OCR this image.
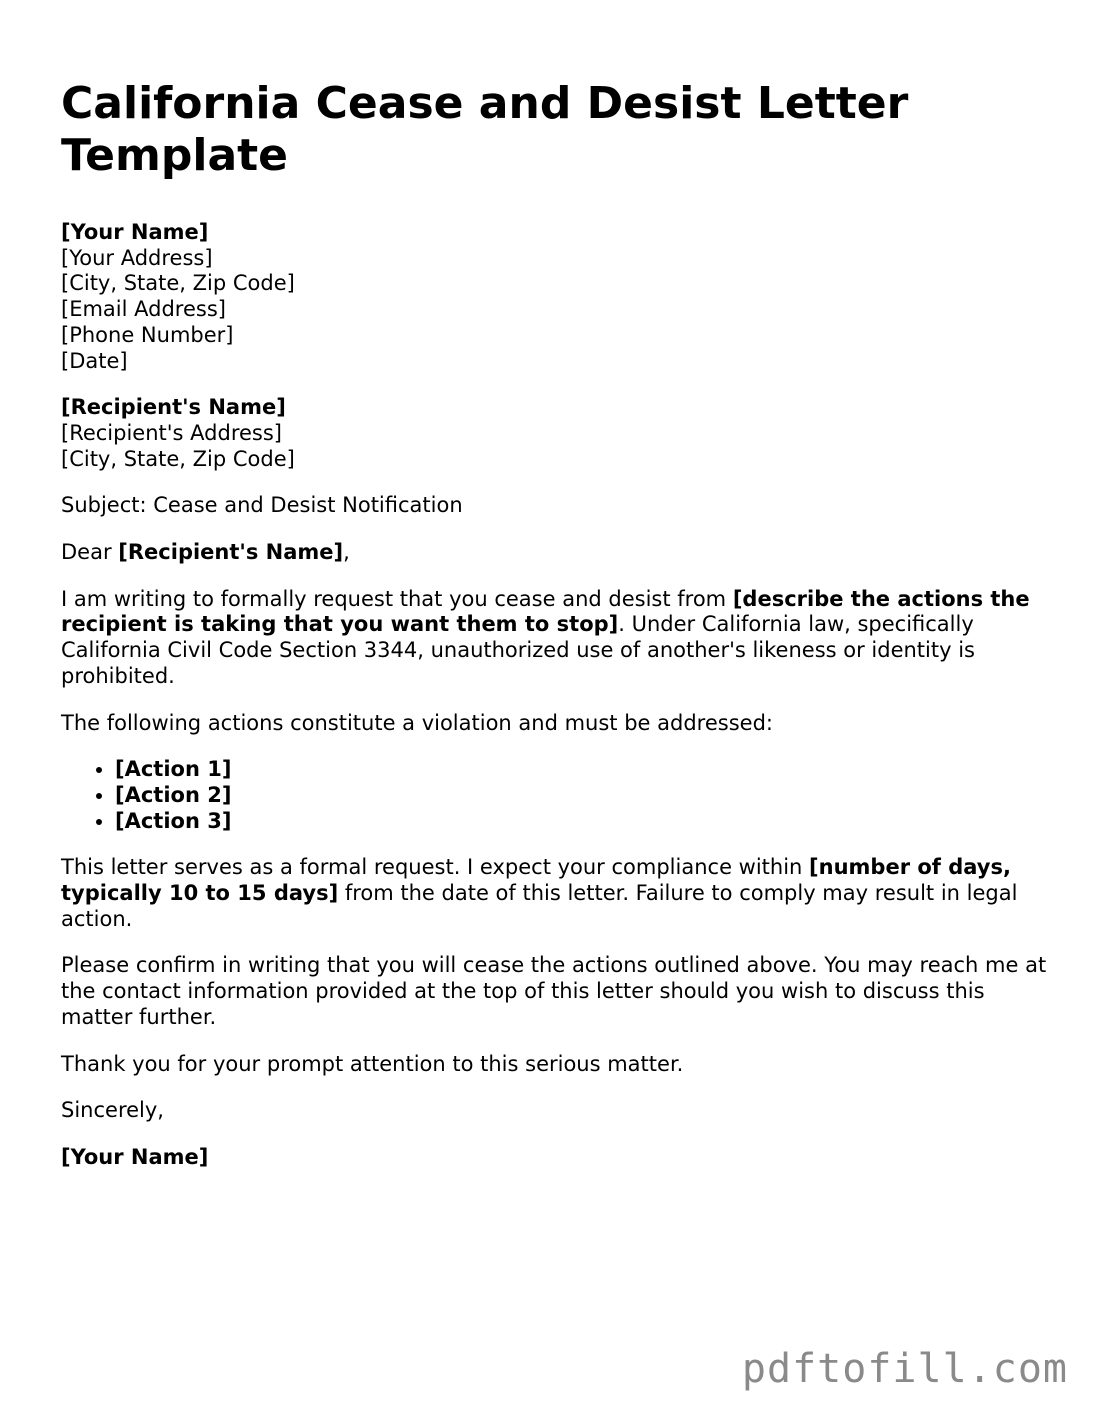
California Cease and Desist Letter Template
[Your Name]
[Your Address]
[City, State, Zip Code]
[Email Address]
[Phone Number]
[Date]
[Recipient's Name]
[Recipient's Address]
[City, State, Zip Code]

Subject: Cease and Desist Notification

Dear [Recipient's Name],

I am writing to formally request that you cease and desist from [describe the actions the recipient is taking that you want them to stop]. Under California law, specifically California Civil Code Section 3344, unauthorized use of another's likeness or identity is prohibited.

The following actions constitute a violation and must be addressed:

• [Action 1]
• [Action 2]
• [Action 3]

This letter serves as a formal request. I expect your compliance within [number of days, typically 10 to 15 days] from the date of this letter. Failure to comply may result in legal action.

Please confirm in writing that you will cease the actions outlined above. You may reach me at the contact information provided at the top of this letter should you wish to discuss this matter further.

Thank you for your prompt attention to this serious matter.

Sincerely,

[Your Name]

pdftofill.com
